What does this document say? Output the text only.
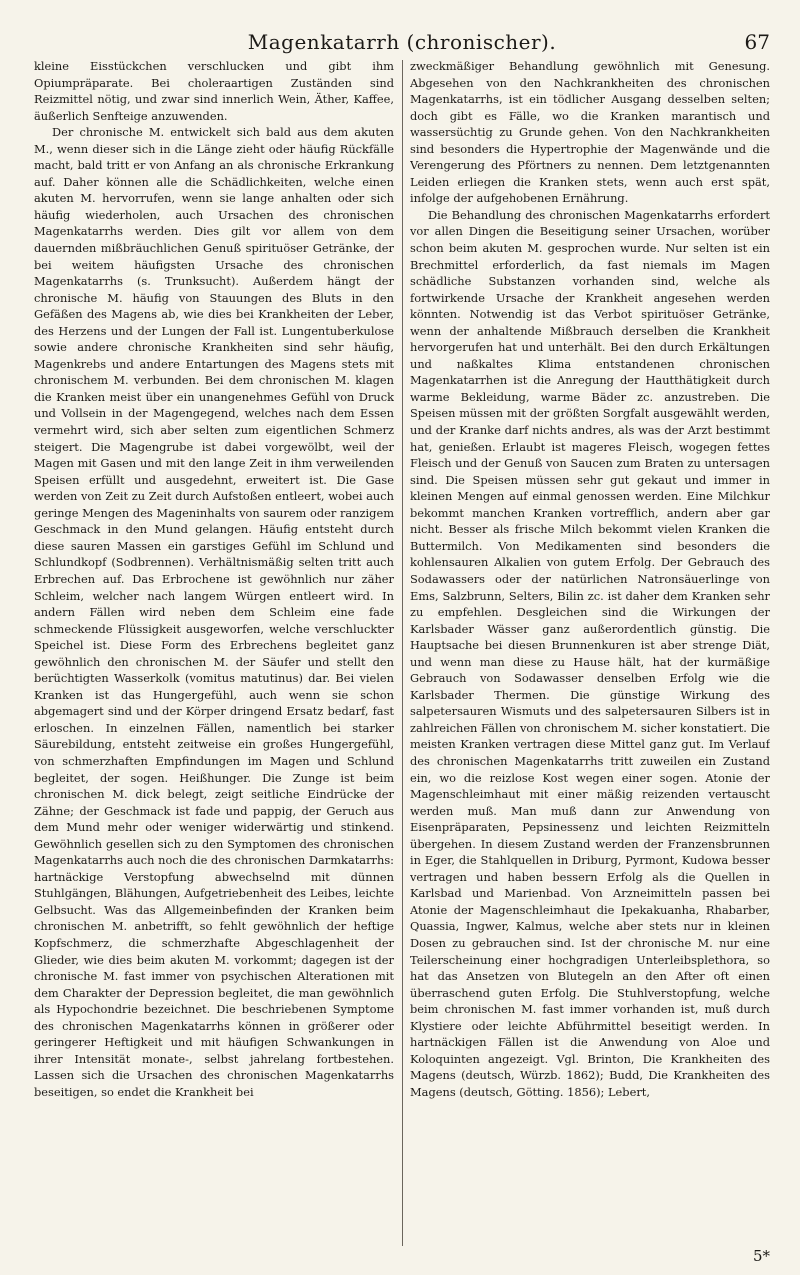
Magenkatarrh (chronischer).	67

kleine Eisstückchen verschlucken und gibt ihm Opiumpräparate. Bei choleraartigen Zuständen sind Reizmittel nötig, und zwar sind innerlich Wein, Äther, Kaffee, äußerlich Senfteige anzuwenden.

Der chronische M. entwickelt sich bald aus dem akuten M., wenn dieser sich in die Länge zieht oder häufig Rückfälle macht, bald tritt er von Anfang an als chronische Erkrankung auf. Daher können alle die Schädlichkeiten, welche einen akuten M. hervorrufen, wenn sie lange anhalten oder sich häufig wiederholen, auch Ursachen des chronischen Magenkatarrhs werden. Dies gilt vor allem von dem dauernden mißbräuchlichen Genuß spirituöser Getränke, der bei weitem häufigsten Ursache des chronischen Magenkatarrhs (s. Trunksucht). Außerdem hängt der chronische M. häufig von Stauungen des Bluts in den Gefäßen des Magens ab, wie dies bei Krankheiten der Leber, des Herzens und der Lungen der Fall ist. Lungentuberkulose sowie andere chronische Krankheiten sind sehr häufig, Magenkrebs und andere Entartungen des Magens stets mit chronischem M. verbunden. Bei dem chronischen M. klagen die Kranken meist über ein unangenehmes Gefühl von Druck und Vollsein in der Magengegend, welches nach dem Essen vermehrt wird, sich aber selten zum eigentlichen Schmerz steigert. Die Magengrube ist dabei vorgewölbt, weil der Magen mit Gasen und mit den lange Zeit in ihm verweilenden Speisen erfüllt und ausgedehnt, erweitert ist. Die Gase werden von Zeit zu Zeit durch Aufstoßen entleert, wobei auch geringe Mengen des Mageninhalts von saurem oder ranzigem Geschmack in den Mund gelangen. Häufig entsteht durch diese sauren Massen ein garstiges Gefühl im Schlund und Schlundkopf (Sodbrennen). Verhältnismäßig selten tritt auch Erbrechen auf. Das Erbrochene ist gewöhnlich nur zäher Schleim, welcher nach langem Würgen entleert wird. In andern Fällen wird neben dem Schleim eine fade schmeckende Flüssigkeit ausgeworfen, welche verschluckter Speichel ist. Diese Form des Erbrechens begleitet ganz gewöhnlich den chronischen M. der Säufer und stellt den berüchtigten Wasserkolk (vomitus matutinus) dar. Bei vielen Kranken ist das Hungergefühl, auch wenn sie schon abgemagert sind und der Körper dringend Ersatz bedarf, fast erloschen. In einzelnen Fällen, namentlich bei starker Säurebildung, entsteht zeitweise ein großes Hungergefühl, von schmerzhaften Empfindungen im Magen und Schlund begleitet, der sogen. Heißhunger. Die Zunge ist beim chronischen M. dick belegt, zeigt seitliche Eindrücke der Zähne; der Geschmack ist fade und pappig, der Geruch aus dem Mund mehr oder weniger widerwärtig und stinkend. Gewöhnlich gesellen sich zu den Symptomen des chronischen Magenkatarrhs auch noch die des chronischen Darmkatarrhs: hartnäckige Verstopfung abwechselnd mit dünnen Stuhlgängen, Blähungen, Aufgetriebenheit des Leibes, leichte Gelbsucht. Was das Allgemeinbefinden der Kranken beim chronischen M. anbetrifft, so fehlt gewöhnlich der heftige Kopfschmerz, die schmerzhafte Abgeschlagenheit der Glieder, wie dies beim akuten M. vorkommt; dagegen ist der chronische M. fast immer von psychischen Alterationen mit dem Charakter der Depression begleitet, die man gewöhnlich als Hypochondrie bezeichnet. Die beschriebenen Symptome des chronischen Magenkatarrhs können in größerer oder geringerer Heftigkeit und mit häufigen Schwankungen in ihrer Intensität monate-, selbst jahrelang fortbestehen. Lassen sich die Ursachen des chronischen Magenkatarrhs beseitigen, so endet die Krankheit bei

zweckmäßiger Behandlung gewöhnlich mit Genesung. Abgesehen von den Nachkrankheiten des chronischen Magenkatarrhs, ist ein tödlicher Ausgang desselben selten; doch gibt es Fälle, wo die Kranken marantisch und wassersüchtig zu Grunde gehen. Von den Nachkrankheiten sind besonders die Hypertrophie der Magenwände und die Verengerung des Pförtners zu nennen. Dem letztgenannten Leiden erliegen die Kranken stets, wenn auch erst spät, infolge der aufgehobenen Ernährung.

Die Behandlung des chronischen Magenkatarrhs erfordert vor allen Dingen die Beseitigung seiner Ursachen, worüber schon beim akuten M. gesprochen wurde. Nur selten ist ein Brechmittel erforderlich, da fast niemals im Magen schädliche Substanzen vorhanden sind, welche als fortwirkende Ursache der Krankheit angesehen werden könnten. Notwendig ist das Verbot spirituöser Getränke, wenn der anhaltende Mißbrauch derselben die Krankheit hervorgerufen hat und unterhält. Bei den durch Erkältungen und naßkaltes Klima entstandenen chronischen Magenkatarrhen ist die Anregung der Hautthätigkeit durch warme Bekleidung, warme Bäder zc. anzustreben. Die Speisen müssen mit der größten Sorgfalt ausgewählt werden, und der Kranke darf nichts andres, als was der Arzt bestimmt hat, genießen. Erlaubt ist mageres Fleisch, wogegen fettes Fleisch und der Genuß von Saucen zum Braten zu untersagen sind. Die Speisen müssen sehr gut gekaut und immer in kleinen Mengen auf einmal genossen werden. Eine Milchkur bekommt manchen Kranken vortrefflich, andern aber gar nicht. Besser als frische Milch bekommt vielen Kranken die Buttermilch. Von Medikamenten sind besonders die kohlensauren Alkalien von gutem Erfolg. Der Gebrauch des Sodawassers oder der natürlichen Natronsäuerlinge von Ems, Salzbrunn, Selters, Bilin zc. ist daher dem Kranken sehr zu empfehlen. Desgleichen sind die Wirkungen der Karlsbader Wässer ganz außerordentlich günstig. Die Hauptsache bei diesen Brunnenkuren ist aber strenge Diät, und wenn man diese zu Hause hält, hat der kurmäßige Gebrauch von Sodawasser denselben Erfolg wie die Karlsbader Thermen. Die günstige Wirkung des salpetersauren Wismuts und des salpetersauren Silbers ist in zahlreichen Fällen von chronischem M. sicher konstatiert. Die meisten Kranken vertragen diese Mittel ganz gut. Im Verlauf des chronischen Magenkatarrhs tritt zuweilen ein Zustand ein, wo die reizlose Kost wegen einer sogen. Atonie der Magenschleimhaut mit einer mäßig reizenden vertauscht werden muß. Man muß dann zur Anwendung von Eisenpräparaten, Pepsinessenz und leichten Reizmitteln übergehen. In diesem Zustand werden der Franzensbrunnen in Eger, die Stahlquellen in Driburg, Pyrmont, Kudowa besser vertragen und haben bessern Erfolg als die Quellen in Karlsbad und Marienbad. Von Arzneimitteln passen bei Atonie der Magenschleimhaut die Ipekakuanha, Rhabarber, Quassia, Ingwer, Kalmus, welche aber stets nur in kleinen Dosen zu gebrauchen sind. Ist der chronische M. nur eine Teilerscheinung einer hochgradigen Unterleibsplethora, so hat das Ansetzen von Blutegeln an den After oft einen überraschend guten Erfolg. Die Stuhlverstopfung, welche beim chronischen M. fast immer vorhanden ist, muß durch Klystiere oder leichte Abführmittel beseitigt werden. In hartnäckigen Fällen ist die Anwendung von Aloe und Koloquinten angezeigt. Vgl. Brinton, Die Krankheiten des Magens (deutsch, Würzb. 1862); Budd, Die Krankheiten des Magens (deutsch, Götting. 1856); Lebert,

5*
